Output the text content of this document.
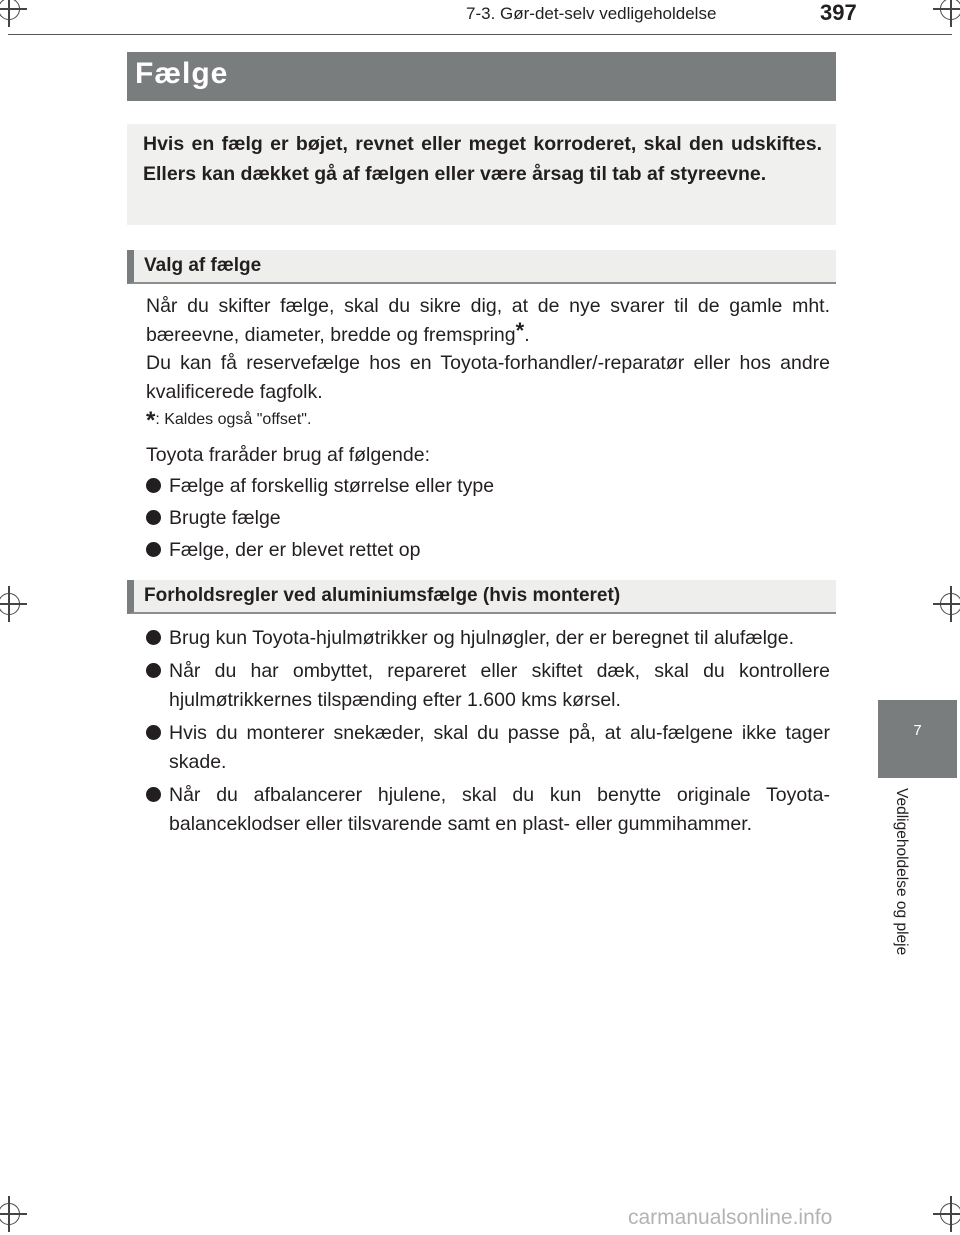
7-3. Gør-det-selv vedligeholdelse	397
Fælge
Hvis en fælg er bøjet, revnet eller meget korroderet, skal den udskiftes. Ellers kan dækket gå af fælgen eller være årsag til tab af styreevne.
Valg af fælge
Når du skifter fælge, skal du sikre dig, at de nye svarer til de gamle mht. bæreevne, diameter, bredde og fremspring*.
Du kan få reservefælge hos en Toyota-forhandler/-reparatør eller hos andre kvalificerede fagfolk.
*: Kaldes også "offset".
Toyota fraråder brug af følgende:
Fælge af forskellig størrelse eller type
Brugte fælge
Fælge, der er blevet rettet op
Forholdsregler ved aluminiumsfælge (hvis monteret)
Brug kun Toyota-hjulmøtrikker og hjulnøgler, der er beregnet til alufælge.
Når du har ombyttet, repareret eller skiftet dæk, skal du kontrollere hjulmøtrikkernes tilspænding efter 1.600 kms kørsel.
Hvis du monterer snekæder, skal du passe på, at alu-fælgene ikke tager skade.
Når du afbalancerer hjulene, skal du kun benytte originale Toyota-balanceklodser eller tilsvarende samt en plast- eller gummihammer.
7
Vedligeholdelse og pleje
carmanualsonline.info
